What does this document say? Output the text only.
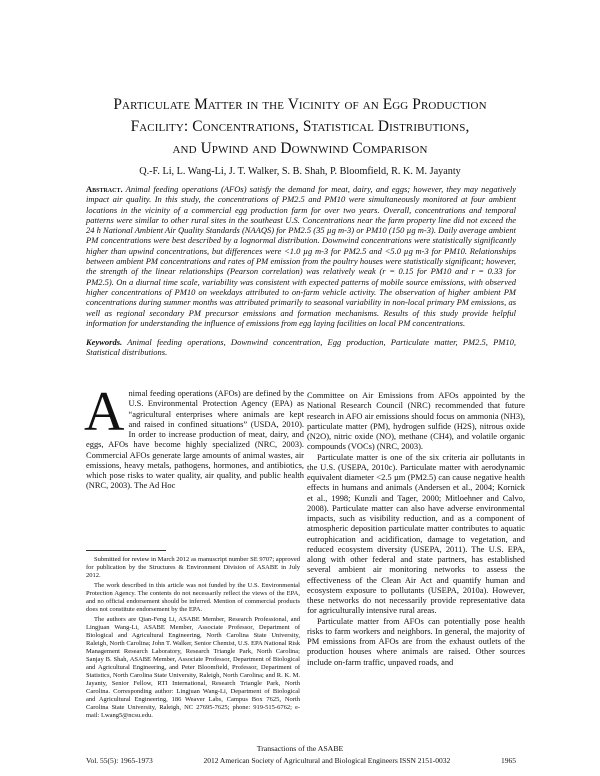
Particulate Matter in the Vicinity of an Egg Production
Facility: Concentrations, Statistical Distributions,
and Upwind and Downwind Comparison
Q.-F. Li, L. Wang-Li, J. T. Walker, S. B. Shah, P. Bloomfield, R. K. M. Jayanty
Abstract. Animal feeding operations (AFOs) satisfy the demand for meat, dairy, and eggs; however, they may negatively impact air quality. In this study, the concentrations of PM2.5 and PM10 were simultaneously monitored at four ambient locations in the vicinity of a commercial egg production farm for over two years. Overall, concentrations and temporal patterns were similar to other rural sites in the southeast U.S. Concentrations near the farm property line did not exceed the 24 h National Ambient Air Quality Standards (NAAQS) for PM2.5 (35 µg m-3) or PM10 (150 µg m-3). Daily average ambient PM concentrations were best described by a lognormal distribution. Downwind concentrations were statistically significantly higher than upwind concentrations, but differences were <1.0 µg m-3 for PM2.5 and <5.0 µg m-3 for PM10. Relationships between ambient PM concentrations and rates of PM emission from the poultry houses were statistically significant; however, the strength of the linear relationships (Pearson correlation) was relatively weak (r = 0.15 for PM10 and r = 0.33 for PM2.5). On a diurnal time scale, variability was consistent with expected patterns of mobile source emissions, with observed higher concentrations of PM10 on weekdays attributed to on-farm vehicle activity. The observation of higher ambient PM concentrations during summer months was attributed primarily to seasonal variability in non-local primary PM emissions, as well as regional secondary PM precursor emissions and formation mechanisms. Results of this study provide helpful information for understanding the influence of emissions from egg laying facilities on local PM concentrations.
Keywords. Animal feeding operations, Downwind concentration, Egg production, Particulate matter, PM2.5, PM10, Statistical distributions.
A nimal feeding operations (AFOs) are defined by the U.S. Environmental Protection Agency (EPA) as “agricultural enterprises where animals are kept and raised in confined situations” (USDA, 2010). In order to increase production of meat, dairy, and eggs, AFOs have become highly specialized (NRC, 2003). Commercial AFOs generate large amounts of animal wastes, air emissions, heavy metals, pathogens, hormones, and antibiotics, which pose risks to water quality, air quality, and public health (NRC, 2003). The Ad Hoc

Submitted for review in March 2012 as manuscript number SE 9707; approved for publication by the Structures & Environment Division of ASABE in July 2012.

The work described in this article was not funded by the U.S. Environmental Protection Agency. The contents do not necessarily reflect the views of the EPA, and no official endorsement should be inferred. Mention of commercial products does not constitute endorsement by the EPA.

The authors are Qian-Feng Li, ASABE Member, Research Professional, and Lingjuan Wang-Li, ASABE Member, Associate Professor, Department of Biological and Agricultural Engineering, North Carolina State University, Raleigh, North Carolina; John T. Walker, Senior Chemist, U.S. EPA National Risk Management Research Laboratory, Research Triangle Park, North Carolina; Sanjay B. Shah, ASABE Member, Associate Professor, Department of Biological and Agricultural Engineering, and Peter Bloomfield, Professor, Department of Statistics, North Carolina State University, Raleigh, North Carolina; and R. K. M. Jayanty, Senior Fellow, RTI International, Research Triangle Park, North Carolina. Corresponding author: Lingjuan Wang-Li, Department of Biological and Agricultural Engineering, 186 Weaver Labs, Campus Box 7625, North Carolina State University, Raleigh, NC 27695-7625; phone: 919-515-6762; e-mail: Lwang5@ncsu.edu.

Committee on Air Emissions from AFOs appointed by the National Research Council (NRC) recommended that future research in AFO air emissions should focus on ammonia (NH3), particulate matter (PM), hydrogen sulfide (H2S), nitrous oxide (N2O), nitric oxide (NO), methane (CH4), and volatile organic compounds (VOCs) (NRC, 2003).

Particulate matter is one of the six criteria air pollutants in the U.S. (USEPA, 2010c). Particulate matter with aerodynamic equivalent diameter <2.5 µm (PM2.5) can cause negative health effects in humans and animals (Andersen et al., 2004; Kornick et al., 1998; Kunzli and Tager, 2000; Mitloehner and Calvo, 2008). Particulate matter can also have adverse environmental impacts, such as visibility reduction, and as a component of atmospheric deposition particulate matter contributes to aquatic eutrophication and acidification, damage to vegetation, and reduced ecosystem diversity (USEPA, 2011). The U.S. EPA, along with other federal and state partners, has established several ambient air monitoring networks to assess the effectiveness of the Clean Air Act and quantify human and ecosystem exposure to pollutants (USEPA, 2010a). However, these networks do not necessarily provide representative data for agriculturally intensive rural areas.

Particulate matter from AFOs can potentially pose health risks to farm workers and neighbors. In general, the majority of PM emissions from AFOs are from the exhaust outlets of the production houses where animals are raised. Other sources include on-farm traffic, unpaved roads, and

Transactions of the ASABE
Vol. 55(5): 1965-1973	2012 American Society of Agricultural and Biological Engineers ISSN 2151-0032	1965
